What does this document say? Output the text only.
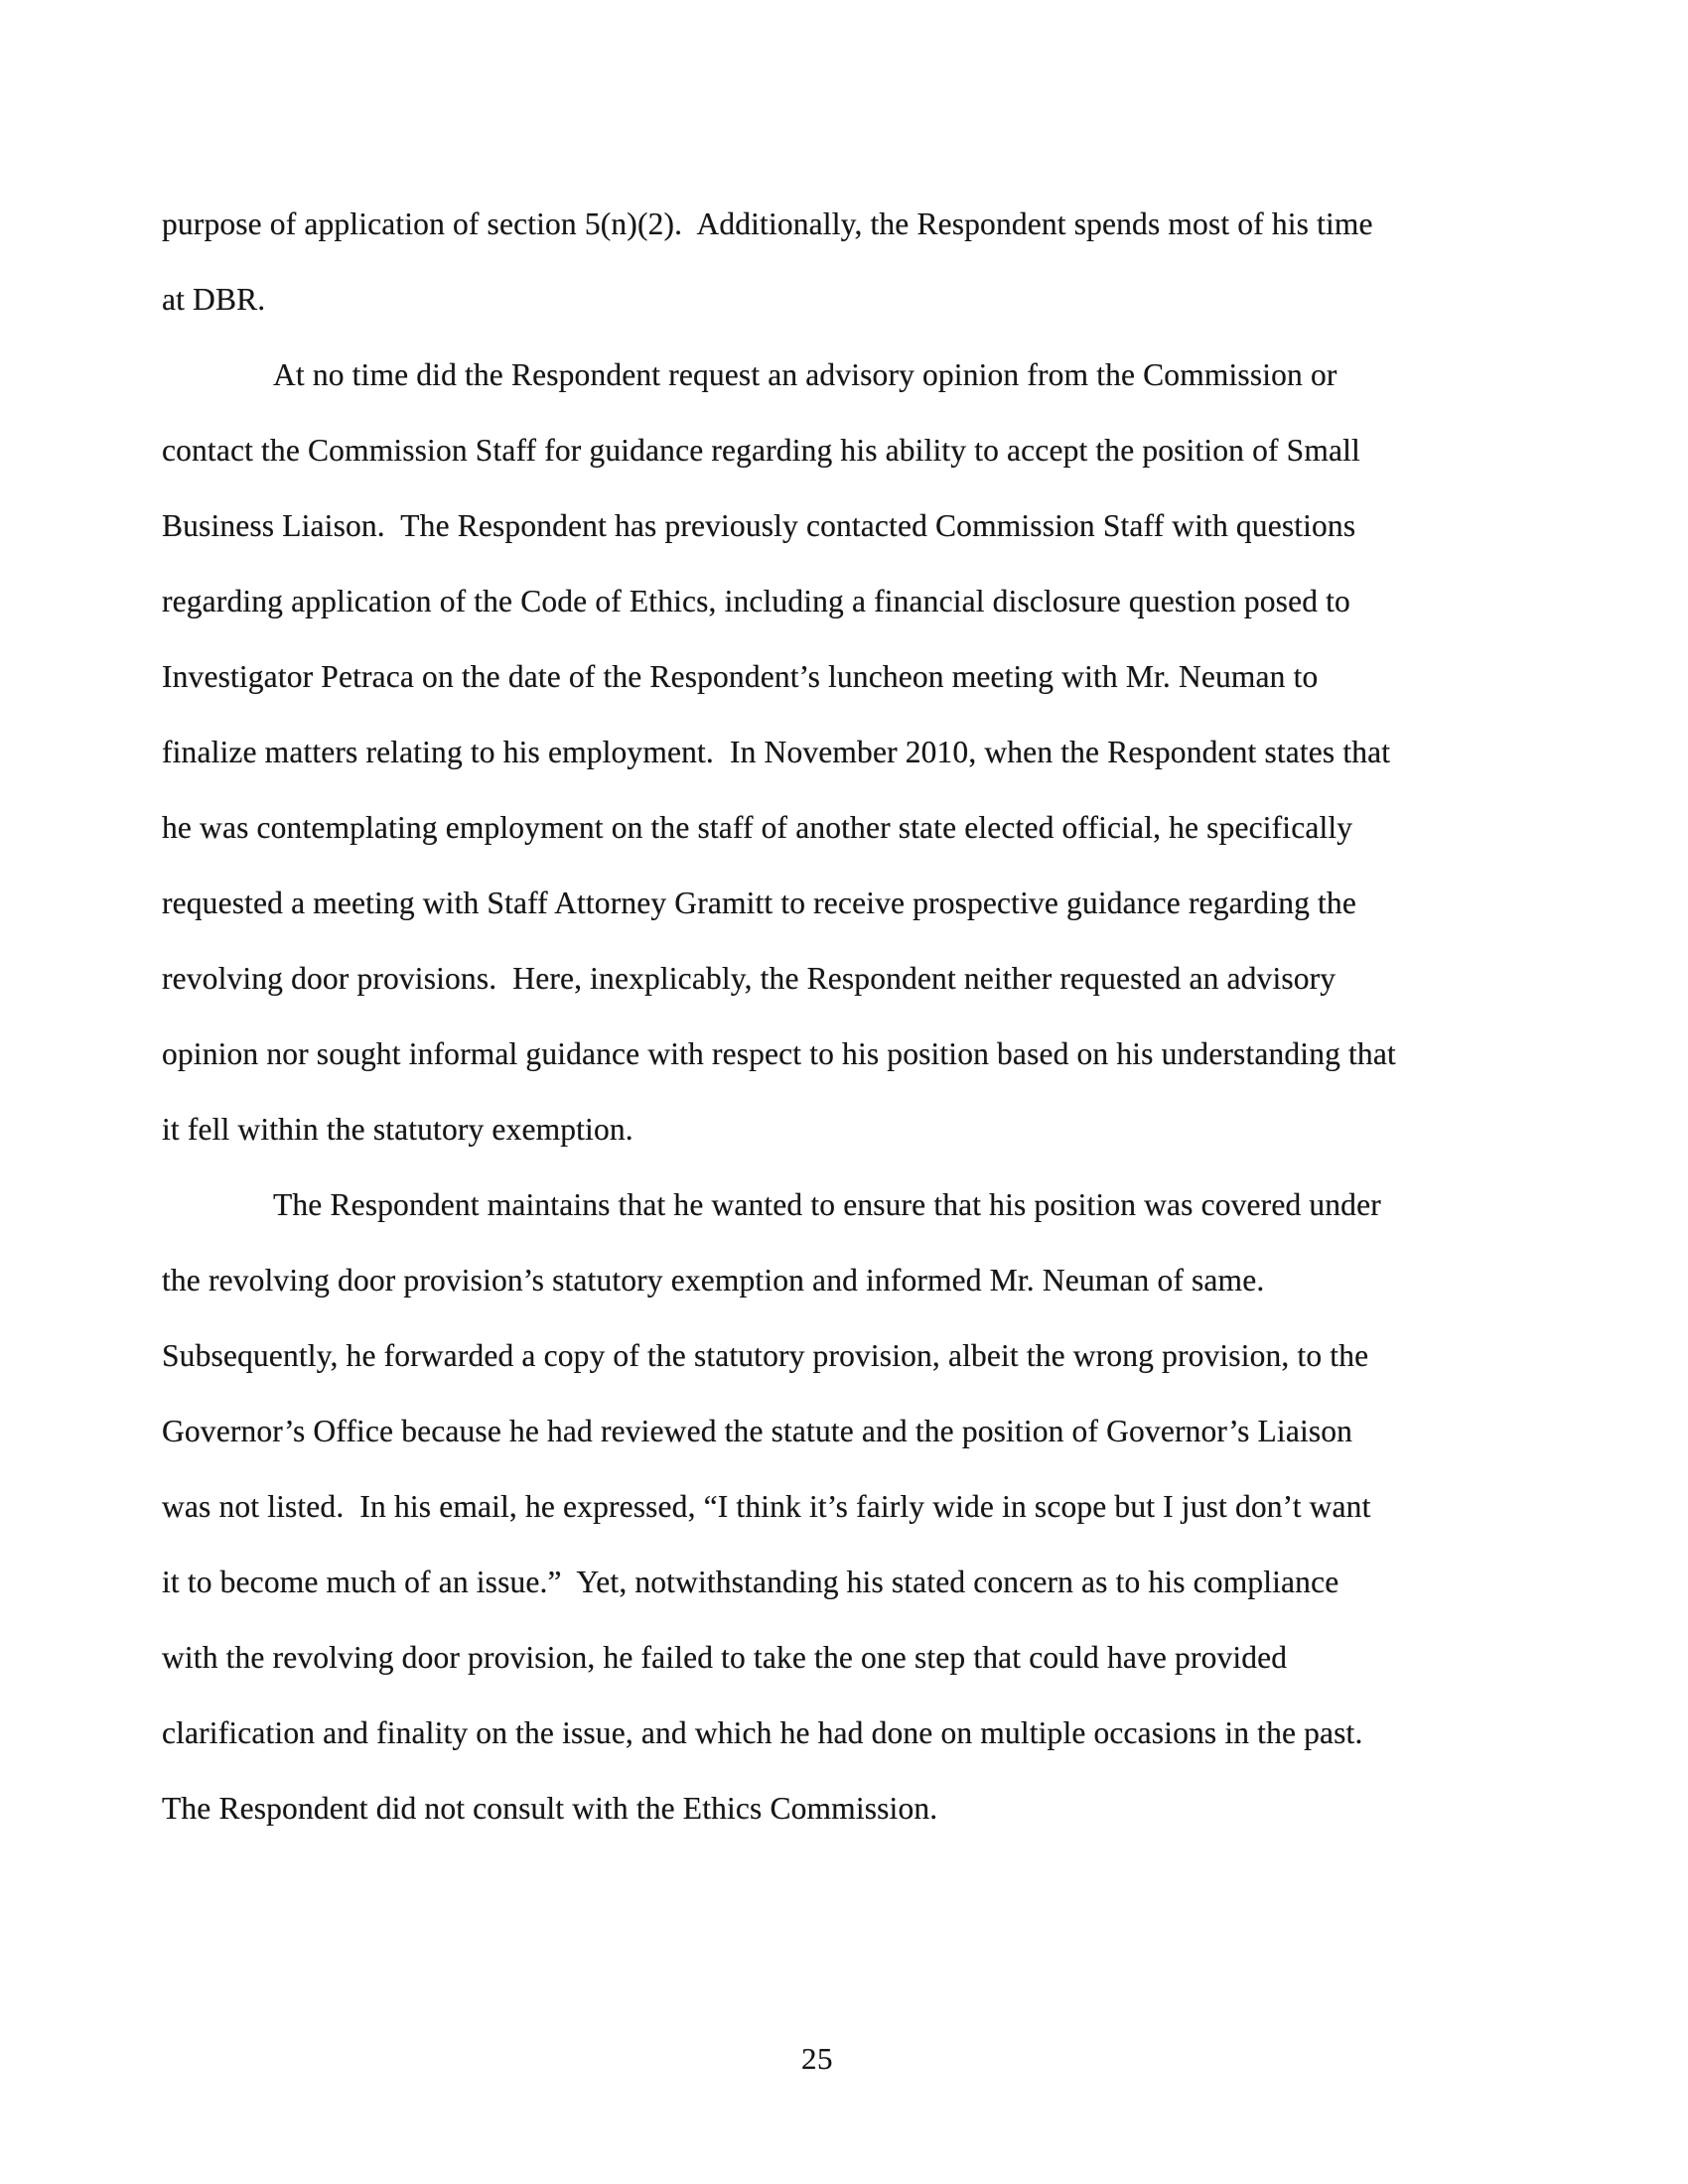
purpose of application of section 5(n)(2).  Additionally, the Respondent spends most of his time
at DBR.
At no time did the Respondent request an advisory opinion from the Commission or
contact the Commission Staff for guidance regarding his ability to accept the position of Small
Business Liaison.  The Respondent has previously contacted Commission Staff with questions
regarding application of the Code of Ethics, including a financial disclosure question posed to
Investigator Petraca on the date of the Respondent’s luncheon meeting with Mr. Neuman to
finalize matters relating to his employment.  In November 2010, when the Respondent states that
he was contemplating employment on the staff of another state elected official, he specifically
requested a meeting with Staff Attorney Gramitt to receive prospective guidance regarding the
revolving door provisions.  Here, inexplicably, the Respondent neither requested an advisory
opinion nor sought informal guidance with respect to his position based on his understanding that
it fell within the statutory exemption.
The Respondent maintains that he wanted to ensure that his position was covered under
the revolving door provision’s statutory exemption and informed Mr. Neuman of same.
Subsequently, he forwarded a copy of the statutory provision, albeit the wrong provision, to the
Governor’s Office because he had reviewed the statute and the position of Governor’s Liaison
was not listed.  In his email, he expressed, “I think it’s fairly wide in scope but I just don’t want
it to become much of an issue.”  Yet, notwithstanding his stated concern as to his compliance
with the revolving door provision, he failed to take the one step that could have provided
clarification and finality on the issue, and which he had done on multiple occasions in the past.
The Respondent did not consult with the Ethics Commission.
25
